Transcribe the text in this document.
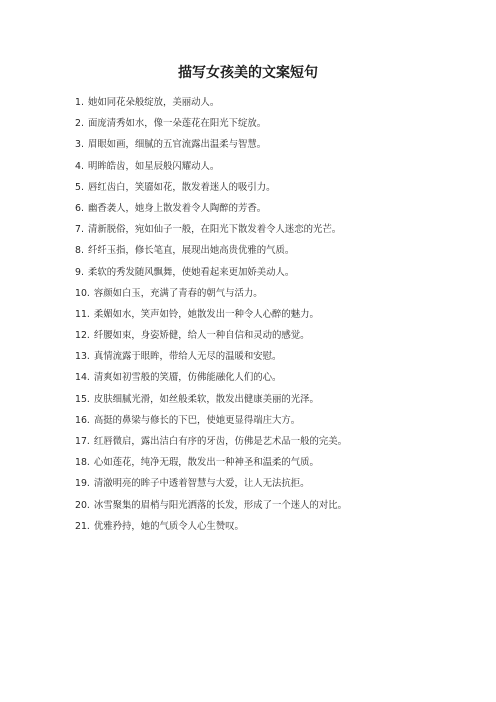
描写女孩美的文案短句
1. 她如同花朵般绽放，美丽动人。
2. 面庞清秀如水，像一朵莲花在阳光下绽放。
3. 眉眼如画，细腻的五官流露出温柔与智慧。
4. 明眸皓齿，如星辰般闪耀动人。
5. 唇红齿白，笑靥如花，散发着迷人的吸引力。
6. 幽香袭人，她身上散发着令人陶醉的芳香。
7. 清新脱俗，宛如仙子一般，在阳光下散发着令人迷恋的光芒。
8. 纤纤玉指，修长笔直，展现出她高贵优雅的气质。
9. 柔软的秀发随风飘舞，使她看起来更加娇美动人。
10. 容颜如白玉，充满了青春的朝气与活力。
11. 柔媚如水，笑声如铃，她散发出一种令人心醉的魅力。
12. 纤腰如束，身姿矫健，给人一种自信和灵动的感觉。
13. 真情流露于眼眸，带给人无尽的温暖和安慰。
14. 清爽如初雪般的笑靥，仿佛能融化人们的心。
15. 皮肤细腻光滑，如丝般柔软，散发出健康美丽的光泽。
16. 高挺的鼻梁与修长的下巴，使她更显得端庄大方。
17. 红唇微启，露出洁白有序的牙齿，仿佛是艺术品一般的完美。
18. 心如莲花，纯净无瑕，散发出一种神圣和温柔的气质。
19. 清澈明亮的眸子中透着智慧与大爱，让人无法抗拒。
20. 冰雪聚集的眉梢与阳光洒落的长发，形成了一个迷人的对比。
21. 优雅矜持，她的气质令人心生赞叹。
